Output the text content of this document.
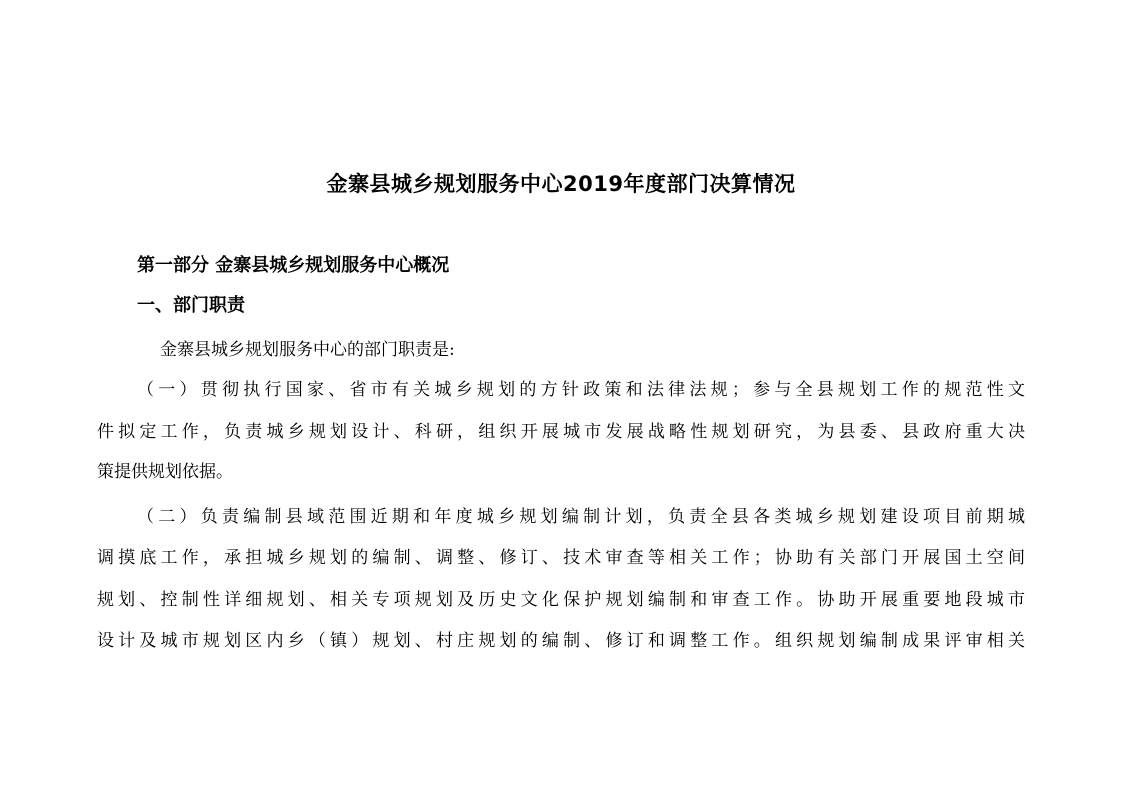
金寨县城乡规划服务中心2019年度部门决算情况
第一部分 金寨县城乡规划服务中心概况
一、部门职责
金寨县城乡规划服务中心的部门职责是:
（一）贯彻执行国家、省市有关城乡规划的方针政策和法律法规；参与全县规划工作的规范性文
件拟定工作，负责城乡规划设计、科研，组织开展城市发展战略性规划研究，为县委、县政府重大决
策提供规划依据。
（二）负责编制县域范围近期和年度城乡规划编制计划，负责全县各类城乡规划建设项目前期城
调摸底工作，承担城乡规划的编制、调整、修订、技术审查等相关工作；协助有关部门开展国土空间
规划、控制性详细规划、相关专项规划及历史文化保护规划编制和审查工作。协助开展重要地段城市
设计及城市规划区内乡（镇）规划、村庄规划的编制、修订和调整工作。组织规划编制成果评审相关
